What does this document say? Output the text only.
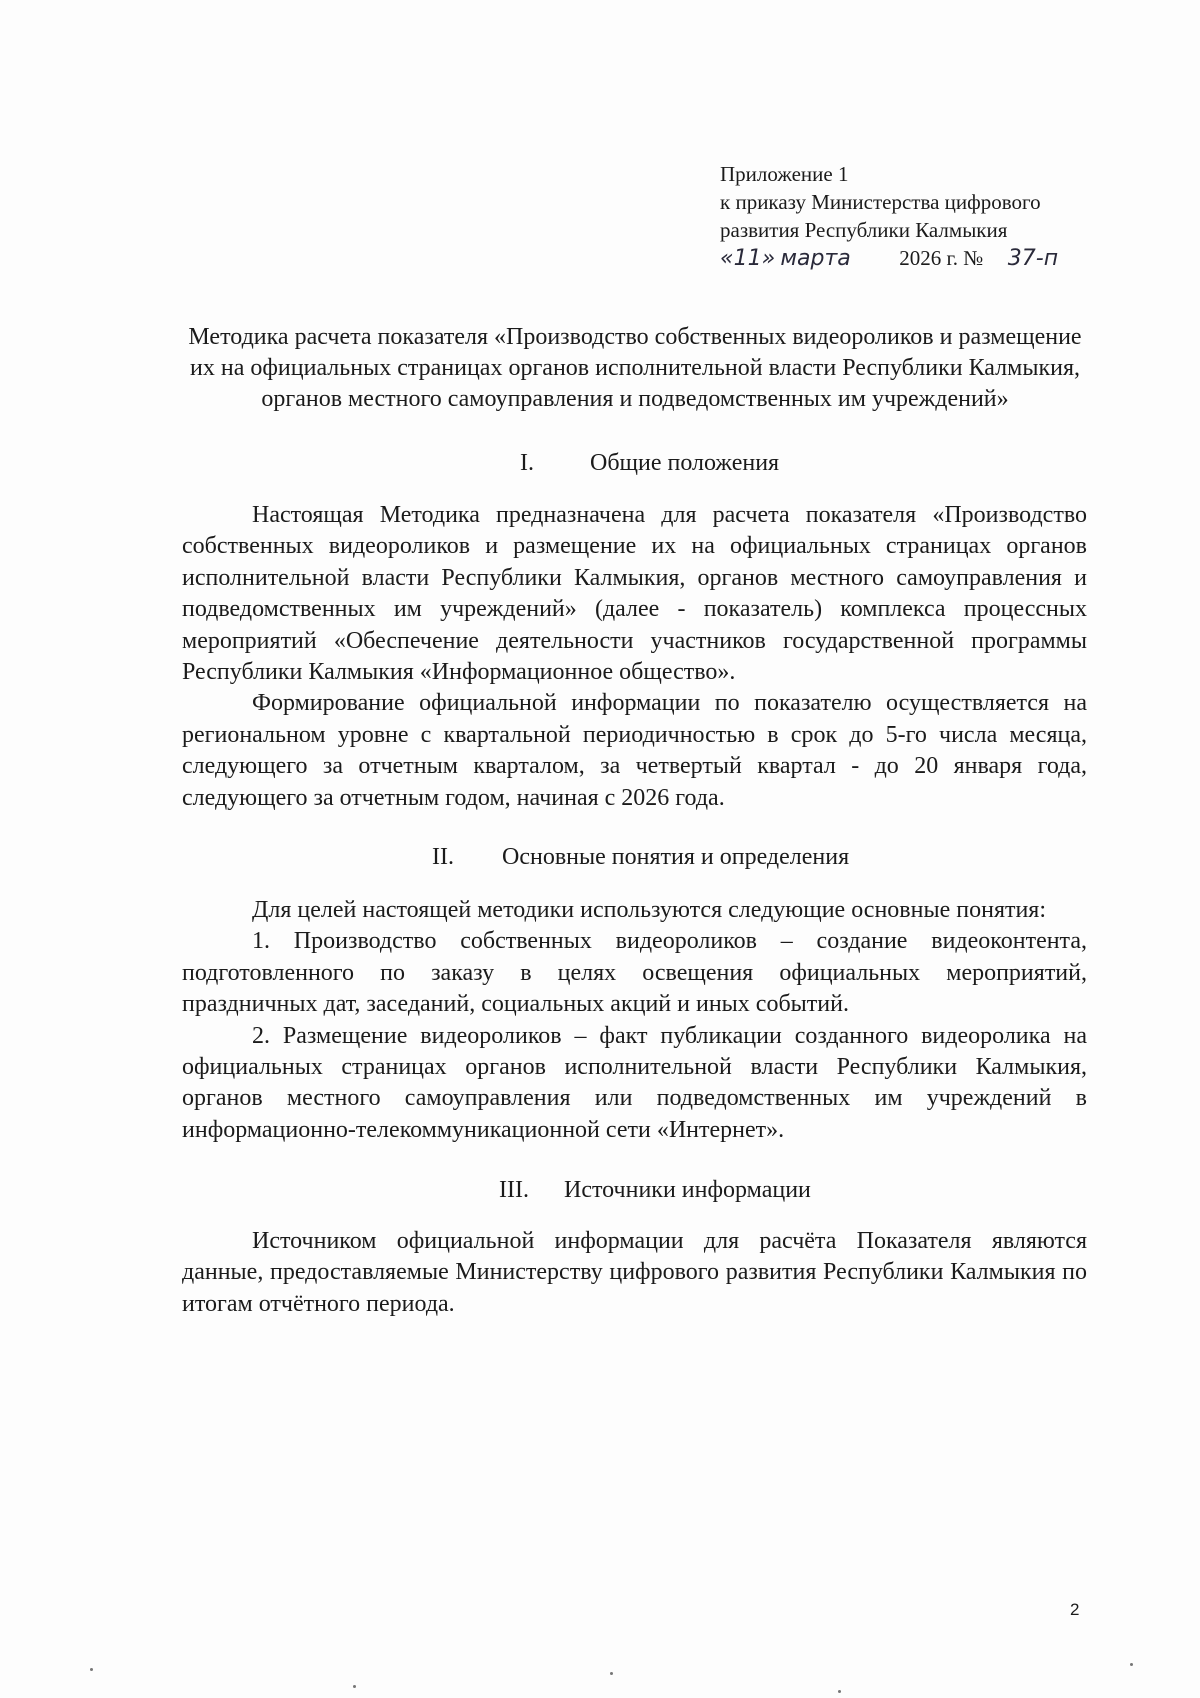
Приложение 1
к приказу Министерства цифрового
развития Республики Калмыкия
«11» марта 2026 г. № 37-п
Методика расчета показателя «Производство собственных видеороликов и размещение их на официальных страницах органов исполнительной власти Республики Калмыкия, органов местного самоуправления и подведомственных им учреждений»
I. Общие положения

Настоящая Методика предназначена для расчета показателя «Производство собственных видеороликов и размещение их на официальных страницах органов исполнительной власти Республики Калмыкия, органов местного самоуправления и подведомственных им учреждений» (далее - показатель) комплекса процессных мероприятий «Обеспечение деятельности участников государственной программы Республики Калмыкия «Информационное общество».

Формирование официальной информации по показателю осуществляется на региональном уровне с квартальной периодичностью в срок до 5-го числа месяца, следующего за отчетным кварталом, за четвертый квартал - до 20 января года, следующего за отчетным годом, начиная с 2026 года.

II. Основные понятия и определения

Для целей настоящей методики используются следующие основные понятия:

1. Производство собственных видеороликов – создание видеоконтента, подготовленного по заказу в целях освещения официальных мероприятий, праздничных дат, заседаний, социальных акций и иных событий.

2. Размещение видеороликов – факт публикации созданного видеоролика на официальных страницах органов исполнительной власти Республики Калмыкия, органов местного самоуправления или подведомственных им учреждений в информационно-телекоммуникационной сети «Интернет».

III. Источники информации

Источником официальной информации для расчёта Показателя являются данные, предоставляемые Министерству цифрового развития Республики Калмыкия по итогам отчётного периода.

2
